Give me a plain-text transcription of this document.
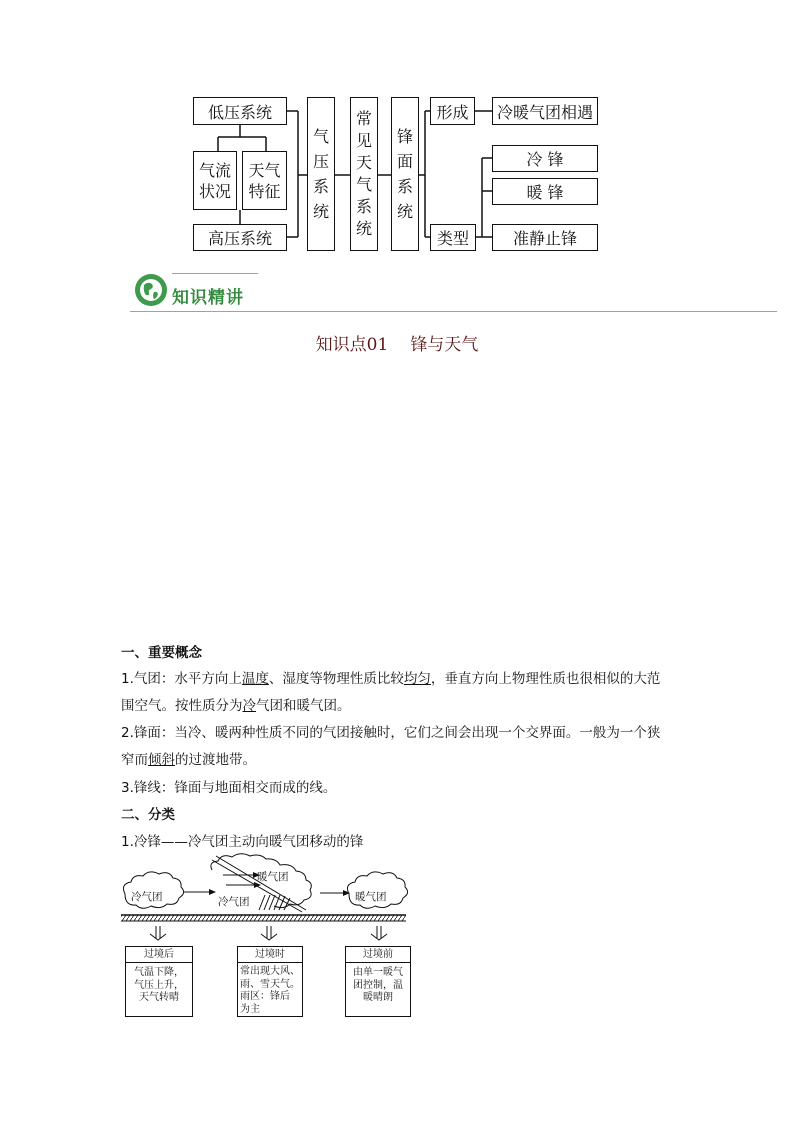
低压系统
气流
状况
天气
特征
高压系统
气
压
系
统
常
见
天
气
系
统
锋
面
系
统
形成 冷暖气团相遇
类型
冷 锋
暖 锋
准静止锋
知识精讲
知识点01 锋与天气
一、重要概念
1.气团：水平方向上温度、湿度等物理性质比较均匀，垂直方向上物理性质也很相似的大范
围空气。按性质分为冷气团和暖气团。
2.锋面：当冷、暖两种性质不同的气团接触时，它们之间会出现一个交界面。一般为一个狭
窄而倾斜的过渡地带。
3.锋线：锋面与地面相交而成的线。
二、分类
1.冷锋——冷气团主动向暖气团移动的锋
冷气团
暖气团
冷气团	暖气团
过境后
气温下降，
气压上升，
天气转晴
过境时
常出现大风、
雨、雪天气。
雨区：锋后
为主
过境前
由单一暖气
团控制，温
暖晴朗
